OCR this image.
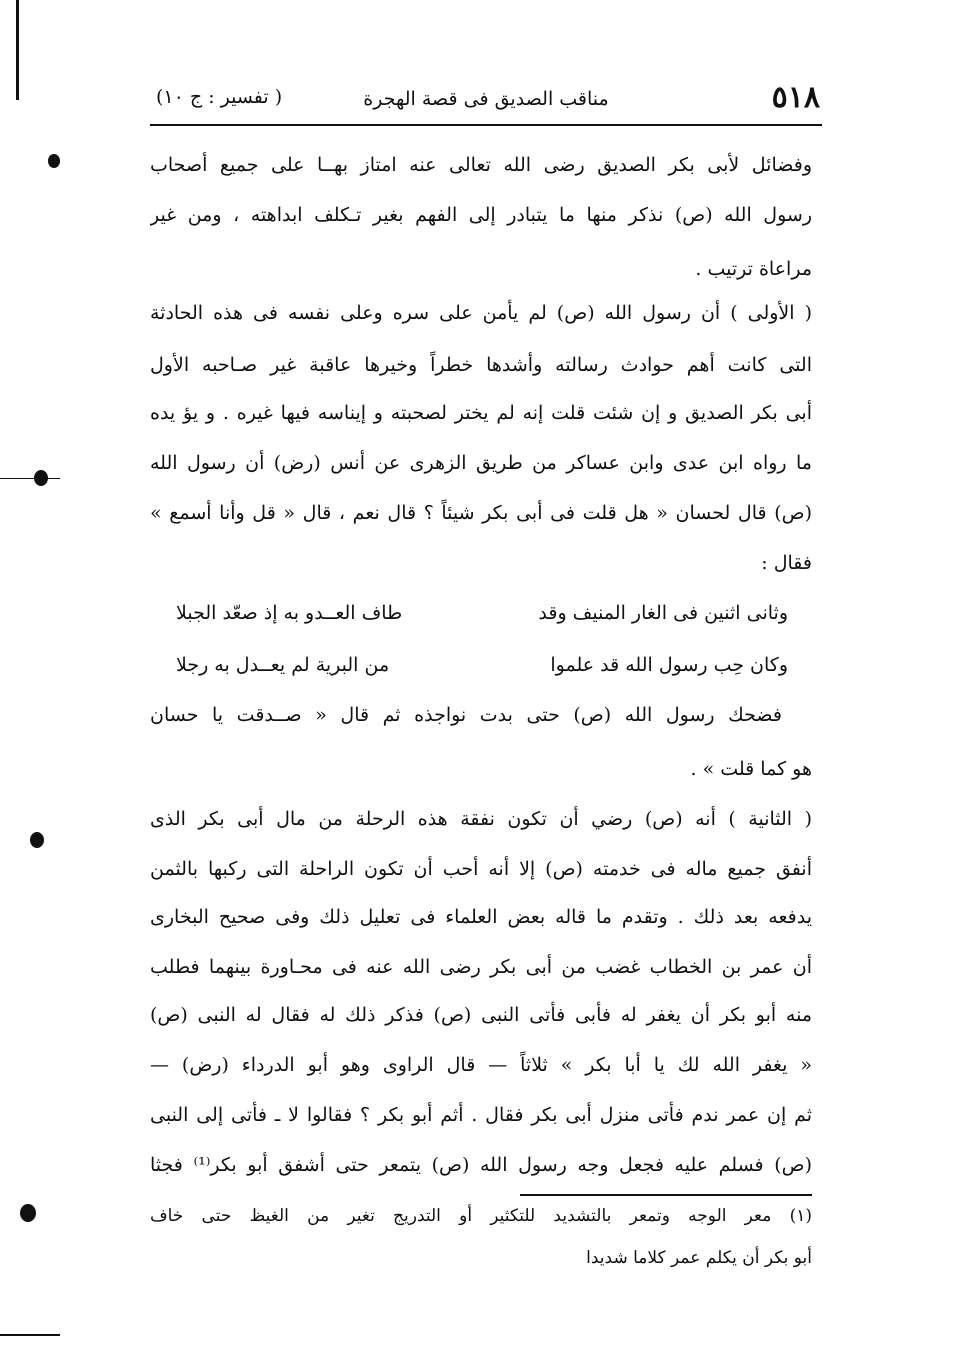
٥١٨
مناقب الصديق فى قصة الهجرة
( تفسير : ج ١٠)
وفضائل لأبى بكر الصديق رضى الله تعالى عنه امتاز بهــا على جميع أصحاب
رسول الله (ص) نذكر منها ما يتبادر إلى الفهم بغير تـكلف ابداهته ، ومن غير
مراعاة ترتيب .
( الأولى ) أن رسول الله (ص) لم يأمن على سره وعلى نفسه فى هذه الحادثة
التى كانت أهم حوادث رسالته وأشدها خطراً وخيرها عاقبة غير صـاحبه الأول
أبى بكر الصديق و إن شئت قلت إنه لم يختر لصحبته و إيناسه فيها غيره . و يؤ يده
ما رواه ابن عدى وابن عساكر من طريق الزهرى عن أنس (رض) أن رسول الله
(ص) قال لحسان « هل قلت فى أبى بكر شيئاً ؟ قال نعم ، قال « قل وأنا أسمع »
فقال :
وثانى اثنين فى الغار المنيف وقد
طاف العــدو به إذ صعّد الجبلا
وكان حِب رسول الله قد علموا
من البرية لم يعــدل به رجلا
فضحك رسول الله (ص) حتى بدت نواجذه ثم قال « صــدقت يا حسان
هو كما قلت » .
( الثانية ) أنه (ص) رضي أن تكون نفقة هذه الرحلة من مال أبى بكر الذى
أنفق جميع ماله فى خدمته (ص) إلا أنه أحب أن تكون الراحلة التى ركبها بالثمن
يدفعه بعد ذلك . وتقدم ما قاله بعض العلماء فى تعليل ذلك وفى صحيح البخارى
أن عمر بن الخطاب غضب من أبى بكر رضى الله عنه فى محـاورة بينهما فطلب
منه أبو بكر أن يغفر له فأبى فأتى النبى (ص) فذكر ذلك له فقال له النبى (ص)
« يغفر الله لك يا أبا بكر » ثلاثاً — قال الراوى وهو أبو الدرداء (رض) —
ثم إن عمر ندم فأتى منزل أبى بكر فقال . أثم أبو بكر ؟ فقالوا لا ـ فأتى إلى النبى
(ص) فسلم عليه فجعل وجه رسول الله (ص) يتمعر حتى أشفق أبو بكر⁽¹⁾ فجثا
(١) معر الوجه وتمعر بالتشديد للتكثير أو التدريج تغير من الغيظ حتى خاف
أبو بكر أن يكلم عمر كلاما شديدا
